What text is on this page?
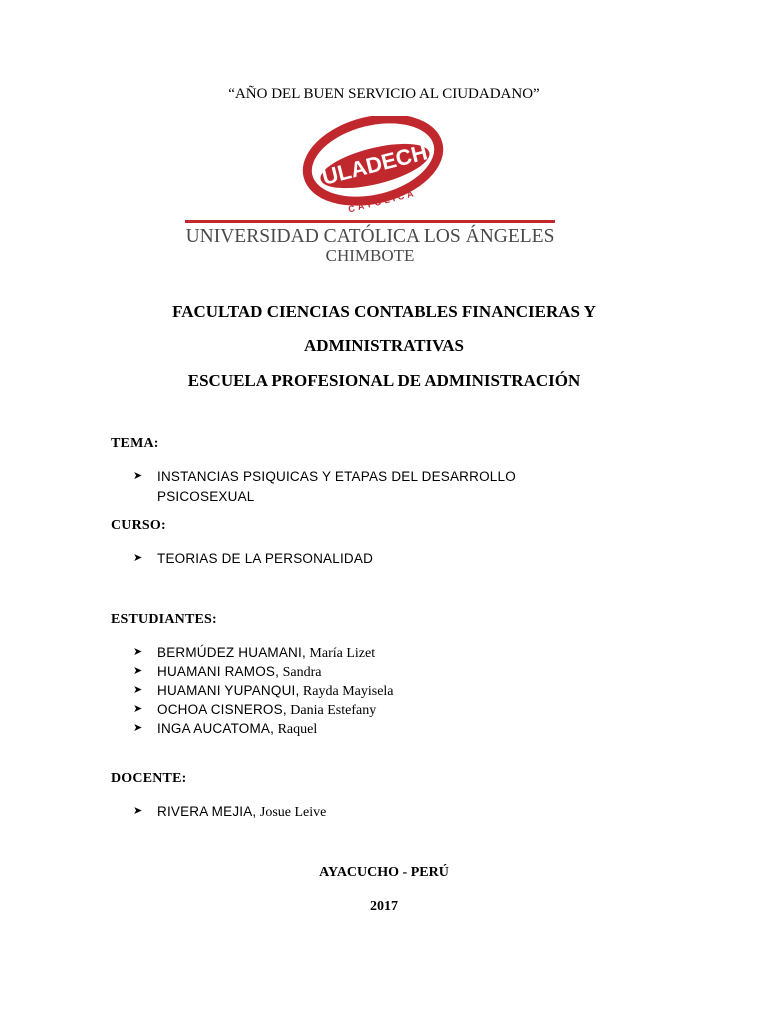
“AÑO DEL BUEN SERVICIO AL CIUDADANO”
ULADECH
CATÓLICA
UNIVERSIDAD CATÓLICA LOS ÁNGELES
CHIMBOTE
FACULTAD CIENCIAS CONTABLES FINANCIERAS Y
ADMINISTRATIVAS
ESCUELA PROFESIONAL DE ADMINISTRACIÓN
TEMA:
➤	INSTANCIAS PSIQUICAS Y ETAPAS DEL DESARROLLO
PSICOSEXUAL
CURSO:
➤	TEORIAS DE LA PERSONALIDAD
ESTUDIANTES:
➤	BERMÚDEZ HUAMANI, María Lizet
➤	HUAMANI RAMOS, Sandra
➤	HUAMANI YUPANQUI, Rayda Mayisela
➤	OCHOA CISNEROS, Dania Estefany
➤	INGA AUCATOMA, Raquel
DOCENTE:
➤	RIVERA MEJIA, Josue Leive
AYACUCHO - PERÚ
2017
